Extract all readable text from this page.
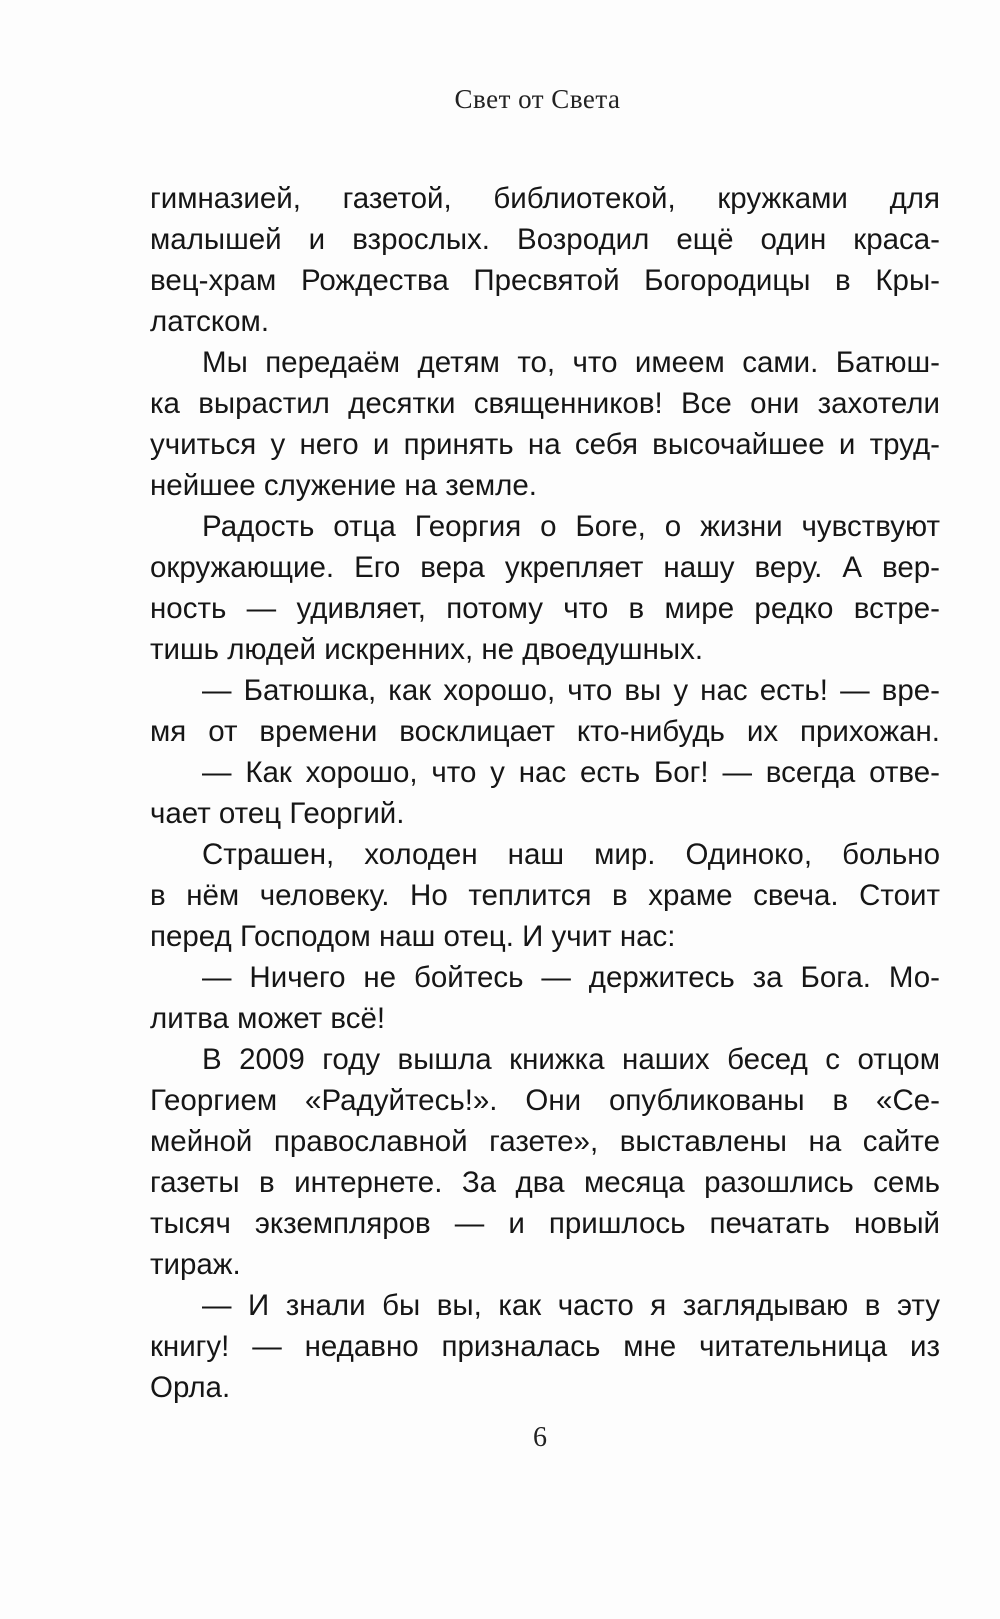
Свет от Света
гимназией, газетой, библиотекой, кружками для
малышей и взрослых. Возродил ещё один краса-
вец-храм Рождества Пресвятой Богородицы в Кры-
латском.
Мы передаём детям то, что имеем сами. Батюш-
ка вырастил десятки священников! Все они захотели
учиться у него и принять на себя высочайшее и труд-
нейшее служение на земле.
Радость отца Георгия о Боге, о жизни чувствуют
окружающие. Его вера укрепляет нашу веру. А вер-
ность — удивляет, потому что в мире редко встре-
тишь людей искренних, не двоедушных.
— Батюшка, как хорошо, что вы у нас есть! — вре-
мя от времени восклицает кто-нибудь их прихожан.
— Как хорошо, что у нас есть Бог! — всегда отве-
чает отец Георгий.
Страшен, холоден наш мир. Одиноко, больно
в нём человеку. Но теплится в храме свеча. Стоит
перед Господом наш отец. И учит нас:
— Ничего не бойтесь — держитесь за Бога. Мо-
литва может всё!
В 2009 году вышла книжка наших бесед с отцом
Георгием «Радуйтесь!». Они опубликованы в «Се-
мейной православной газете», выставлены на сайте
газеты в интернете. За два месяца разошлись семь
тысяч экземпляров — и пришлось печатать новый
тираж.
— И знали бы вы, как часто я заглядываю в эту
книгу! — недавно призналась мне читательница из
Орла.
6
